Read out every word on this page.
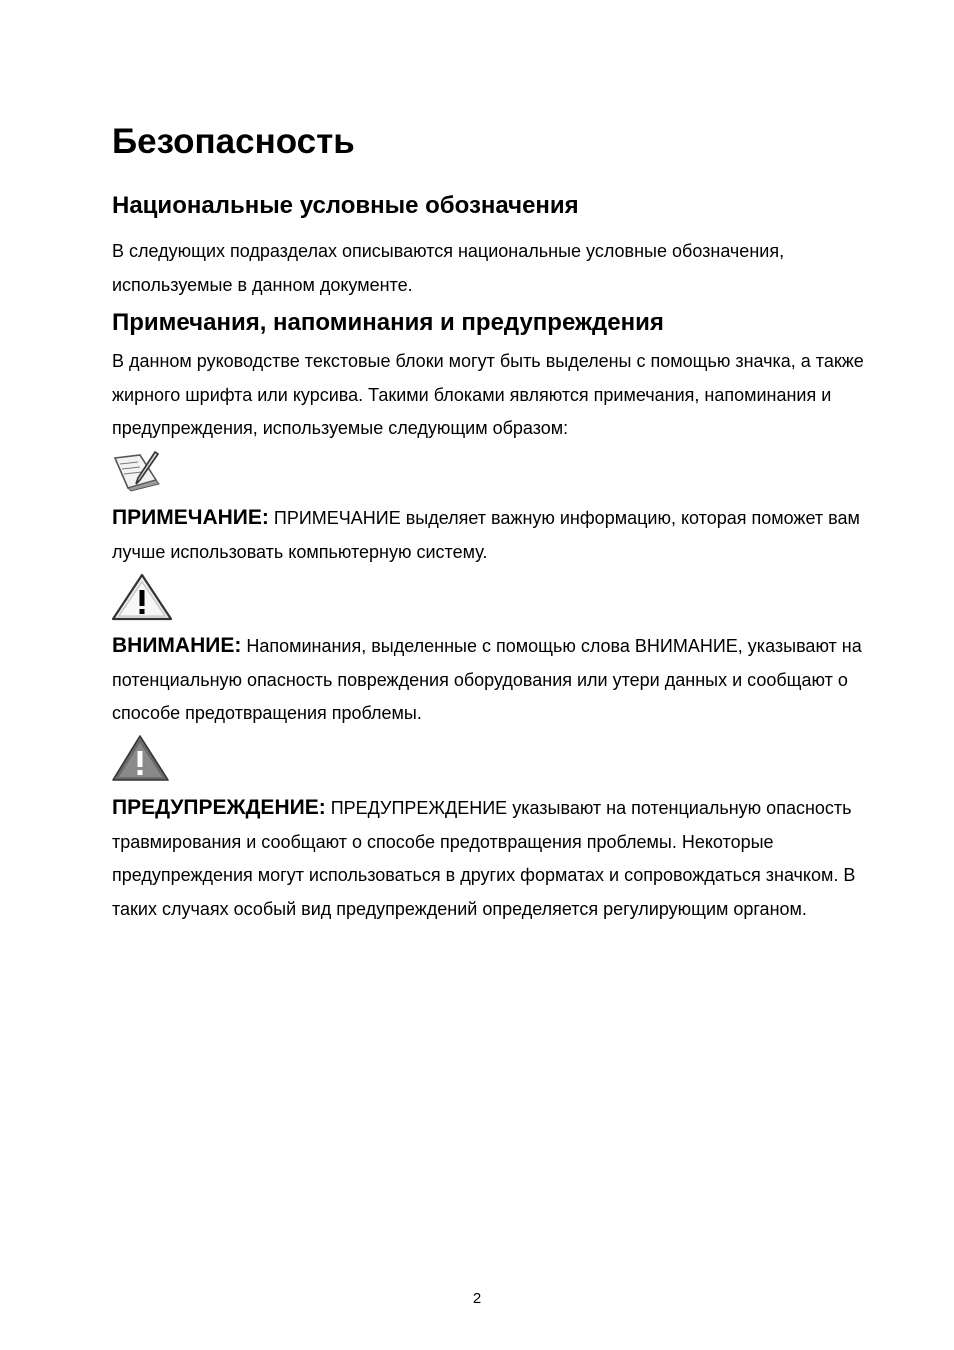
Безопасность
Национальные условные обозначения

В следующих подразделах описываются национальные условные обозначения, используемые в данном документе.

Примечания, напоминания и предупреждения

В данном руководстве текстовые блоки могут быть выделены с помощью значка, а также жирного шрифта или курсива. Такими блоками являются примечания, напоминания и предупреждения, используемые следующим образом:

ПРИМЕЧАНИЕ: ПРИМЕЧАНИЕ выделяет важную информацию, которая поможет вам лучше использовать компьютерную систему.

ВНИМАНИЕ: Напоминания, выделенные с помощью слова ВНИМАНИЕ, указывают на потенциальную опасность повреждения оборудования или утери данных и сообщают о способе предотвращения проблемы.

ПРЕДУПРЕЖДЕНИЕ: ПРЕДУПРЕЖДЕНИЕ указывают на потенциальную опасность травмирования и сообщают о способе предотвращения проблемы. Некоторые предупреждения могут использоваться в других форматах и сопровождаться значком. В таких случаях особый вид предупреждений определяется регулирующим органом.

2
